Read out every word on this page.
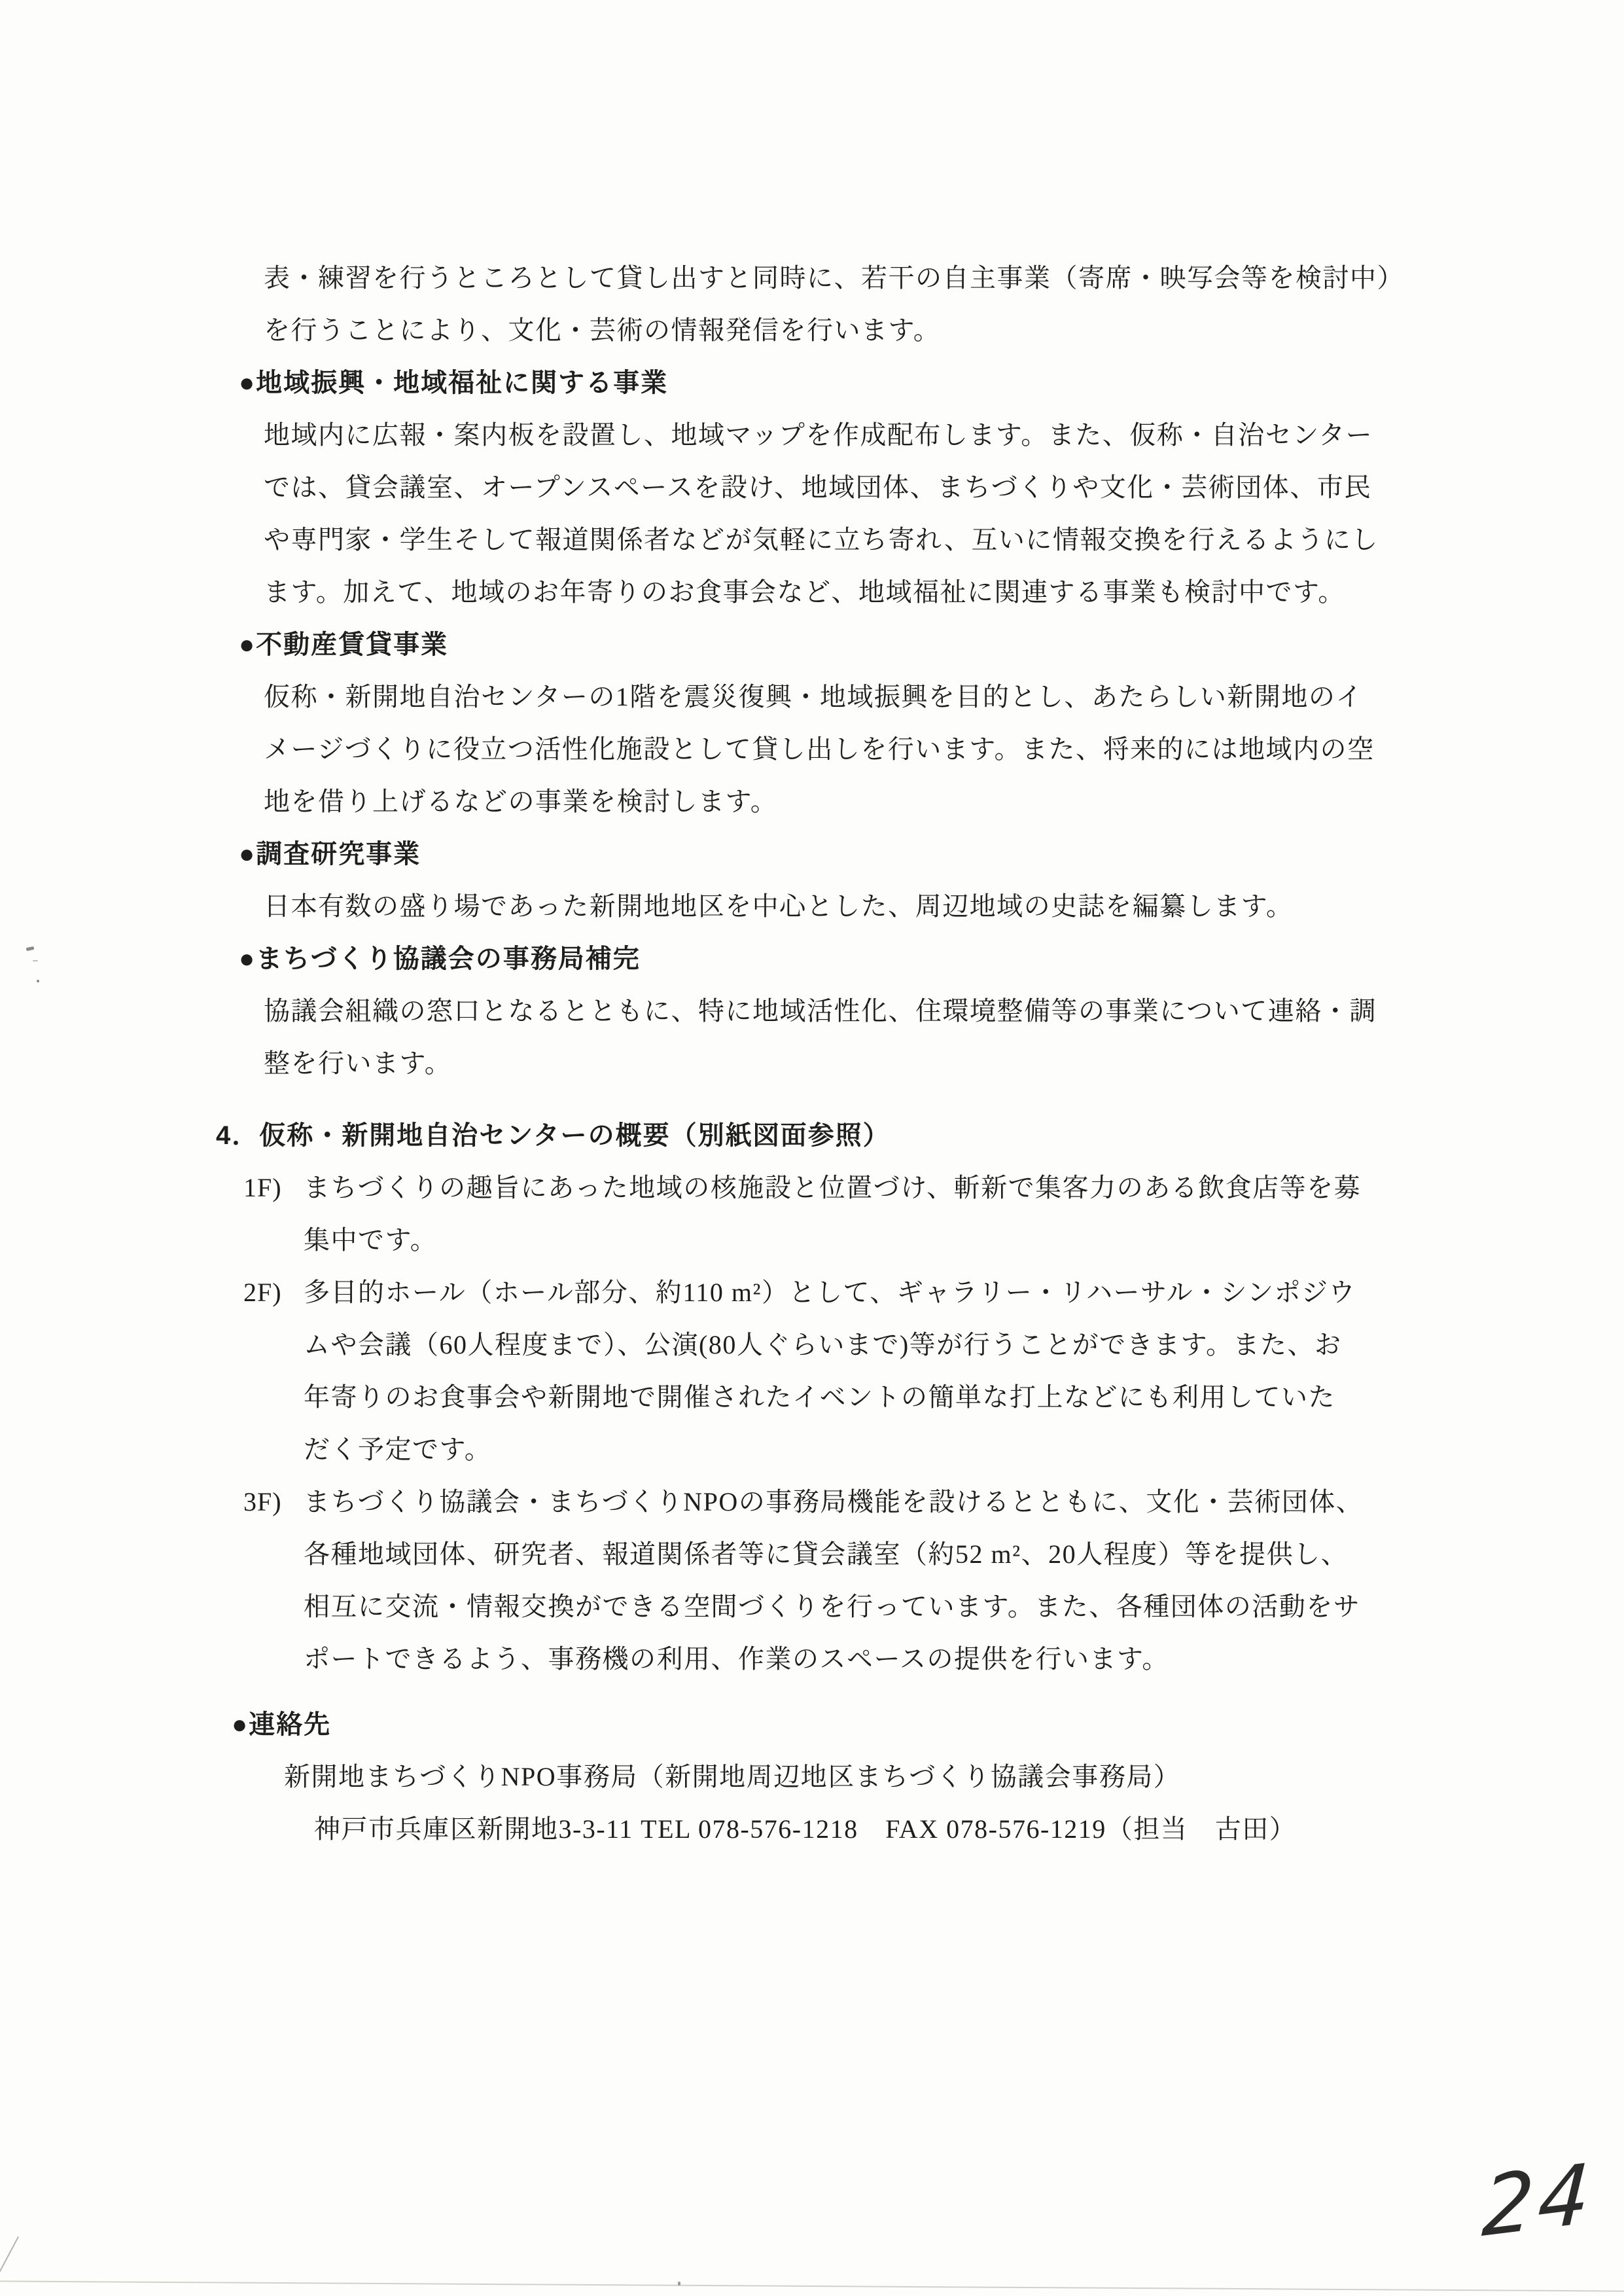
表・練習を行うところとして貸し出すと同時に、若干の自主事業（寄席・映写会等を検討中）
を行うことにより、文化・芸術の情報発信を行います。
●地域振興・地域福祉に関する事業
地域内に広報・案内板を設置し、地域マップを作成配布します。また、仮称・自治センター
では、貸会議室、オープンスペースを設け、地域団体、まちづくりや文化・芸術団体、市民
や専門家・学生そして報道関係者などが気軽に立ち寄れ、互いに情報交換を行えるようにし
ます。加えて、地域のお年寄りのお食事会など、地域福祉に関連する事業も検討中です。
●不動産賃貸事業
仮称・新開地自治センターの1階を震災復興・地域振興を目的とし、あたらしい新開地のイ
メージづくりに役立つ活性化施設として貸し出しを行います。また、将来的には地域内の空
地を借り上げるなどの事業を検討します。
●調査研究事業
日本有数の盛り場であった新開地地区を中心とした、周辺地域の史誌を編纂します。
●まちづくり協議会の事務局補完
協議会組織の窓口となるとともに、特に地域活性化、住環境整備等の事業について連絡・調
整を行います。
4．仮称・新開地自治センターの概要（別紙図面参照）
1F) まちづくりの趣旨にあった地域の核施設と位置づけ、斬新で集客力のある飲食店等を募
集中です。
2F) 多目的ホール（ホール部分、約110 m²）として、ギャラリー・リハーサル・シンポジウ
ムや会議（60人程度まで）、公演(80人ぐらいまで)等が行うことができます。また、お
年寄りのお食事会や新開地で開催されたイベントの簡単な打上などにも利用していた
だく予定です。
3F) まちづくり協議会・まちづくりNPOの事務局機能を設けるとともに、文化・芸術団体、
各種地域団体、研究者、報道関係者等に貸会議室（約52 m²、20人程度）等を提供し、
相互に交流・情報交換ができる空間づくりを行っています。また、各種団体の活動をサ
ポートできるよう、事務機の利用、作業のスペースの提供を行います。
●連絡先
新開地まちづくりNPO事務局（新開地周辺地区まちづくり協議会事務局）
神戸市兵庫区新開地3-3-11 TEL 078-576-1218　FAX 078-576-1219（担当　古田）
24
